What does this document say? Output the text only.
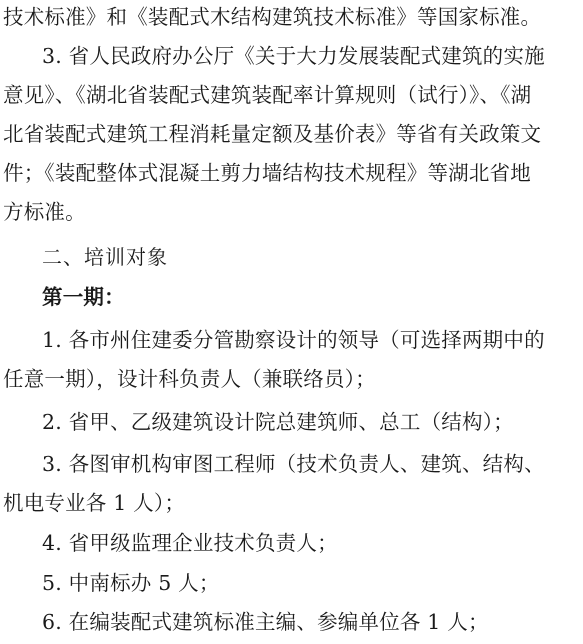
技术标准》和《装配式木结构建筑技术标准》等国家标准。
3. 省人民政府办公厅《关于大力发展装配式建筑的实施
意见》、《湖北省装配式建筑装配率计算规则（试行）》、《湖
北省装配式建筑工程消耗量定额及基价表》等省有关政策文
件；《装配整体式混凝土剪力墙结构技术规程》等湖北省地
方标准。
二、培训对象
第一期：
1. 各市州住建委分管勘察设计的领导（可选择两期中的
任意一期），设计科负责人（兼联络员）；
2. 省甲、乙级建筑设计院总建筑师、总工（结构）；
3. 各图审机构审图工程师（技术负责人、建筑、结构、
机电专业各 1 人）；
4. 省甲级监理企业技术负责人；
5. 中南标办 5 人；
6. 在编装配式建筑标准主编、参编单位各 1 人；
